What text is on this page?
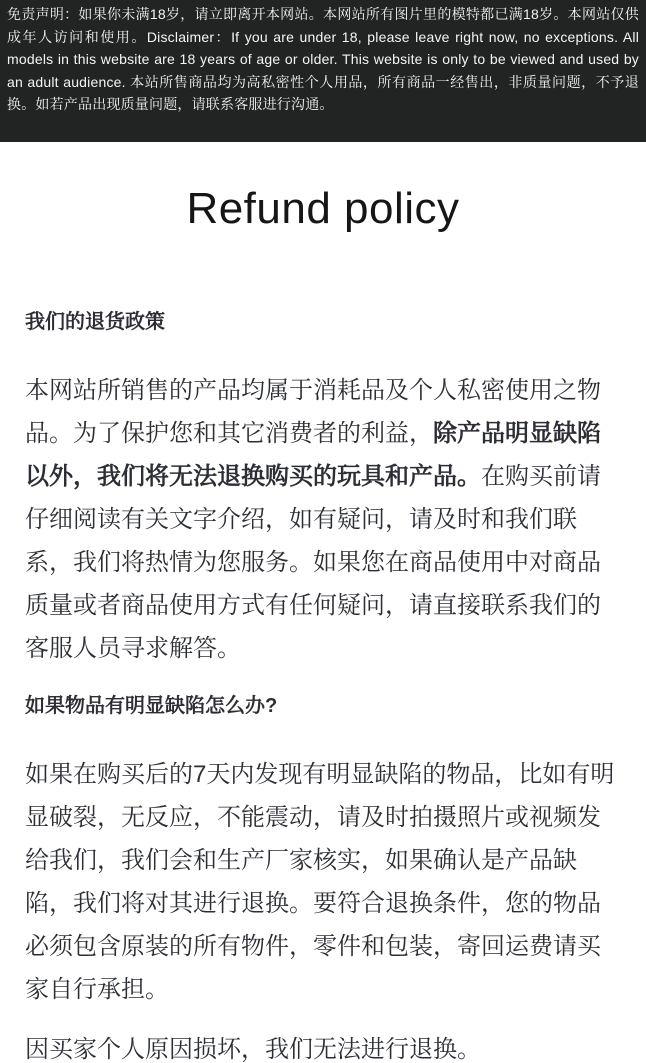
免责声明：如果你未满18岁，请立即离开本网站。本网站所有图片里的模特都已满18岁。本网站仅供成年人访问和使用。Disclaimer：If you are under 18, please leave right now, no exceptions. All models in this website are 18 years of age or older. This website is only to be viewed and used by an adult audience. 本站所售商品均为高私密性个人用品，所有商品一经售出，非质量问题，不予退换。如若产品出现质量问题，请联系客服进行沟通。

Refund policy
我们的退货政策

本网站所销售的产品均属于消耗品及个人私密使用之物品。为了保护您和其它消费者的利益，除产品明显缺陷以外，我们将无法退换购买的玩具和产品。在购买前请仔细阅读有关文字介绍，如有疑问，请及时和我们联系，我们将热情为您服务。如果您在商品使用中对商品质量或者商品使用方式有任何疑问，请直接联系我们的客服人员寻求解答。

如果物品有明显缺陷怎么办?

如果在购买后的7天内发现有明显缺陷的物品，比如有明显破裂，无反应，不能震动，请及时拍摄照片或视频发给我们，我们会和生产厂家核实，如果确认是产品缺陷，我们将对其进行退换。要符合退换条件，您的物品必须包含原装的所有物件，零件和包装，寄回运费请买家自行承担。

因买家个人原因损坏，我们无法进行退换。
